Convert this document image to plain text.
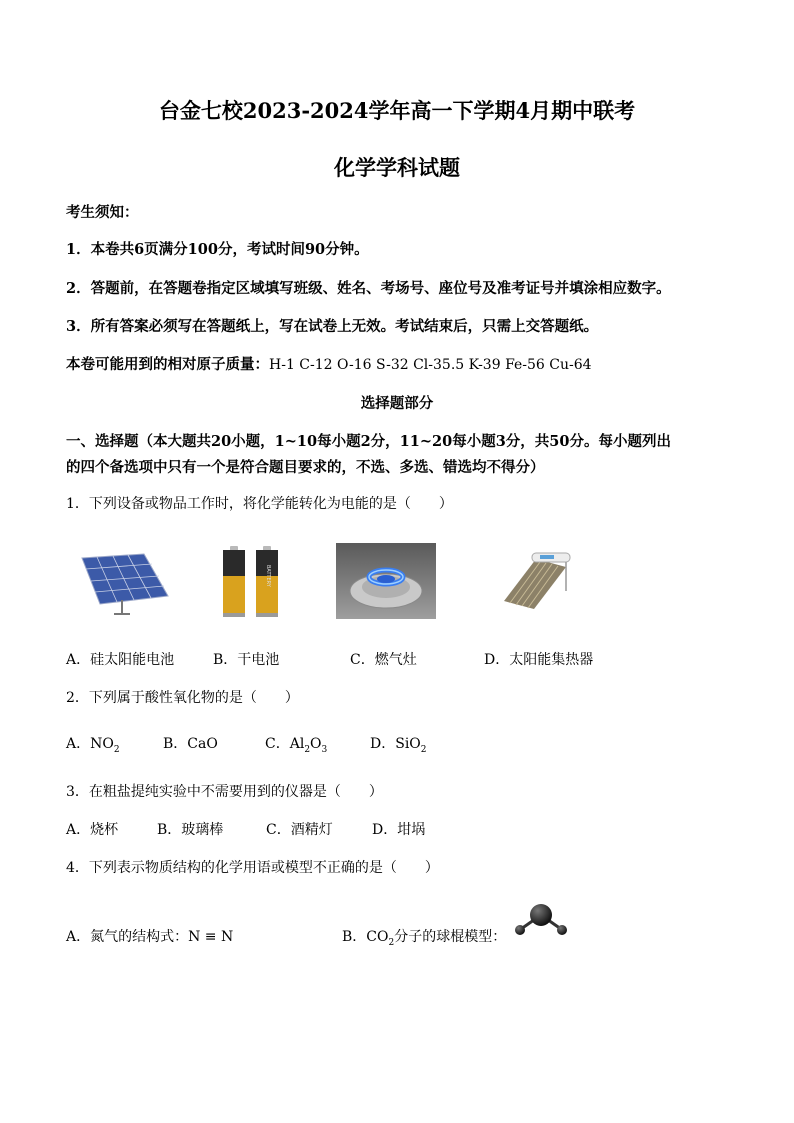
台金七校2023-2024学年高一下学期4月期中联考
化学学科试题
考生须知：
1．本卷共6页满分100分，考试时间90分钟。
2．答题前，在答题卷指定区域填写班级、姓名、考场号、座位号及准考证号并填涂相应数字。
3．所有答案必须写在答题纸上，写在试卷上无效。考试结束后，只需上交答题纸。
本卷可能用到的相对原子质量：H-1 C-12 O-16 S-32 Cl-35.5 K-39 Fe-56 Cu-64
选择题部分
一、选择题（本大题共20小题，1~10每小题2分，11~20每小题3分，共50分。每小题列出
的四个备选项中只有一个是符合题目要求的，不选、多选、错选均不得分）
1．下列设备或物品工作时，将化学能转化为电能的是（　　）
BATTERY
A．硅太阳能电池	B．干电池	C．燃气灶	D．太阳能集热器
2．下列属于酸性氧化物的是（　　）
A．$NO_2$	B．CaO	C．$Al_2O_3$	D．SiO$_2$
3．在粗盐提纯实验中不需要用到的仪器是（　　）
A．烧杯	B．玻璃棒	C．酒精灯	D．坩埚
4．下列表示物质结构的化学用语或模型不正确的是（　　）
A．氮气的结构式：N ≡ N	B．$CO_2$分子的球棍模型：
